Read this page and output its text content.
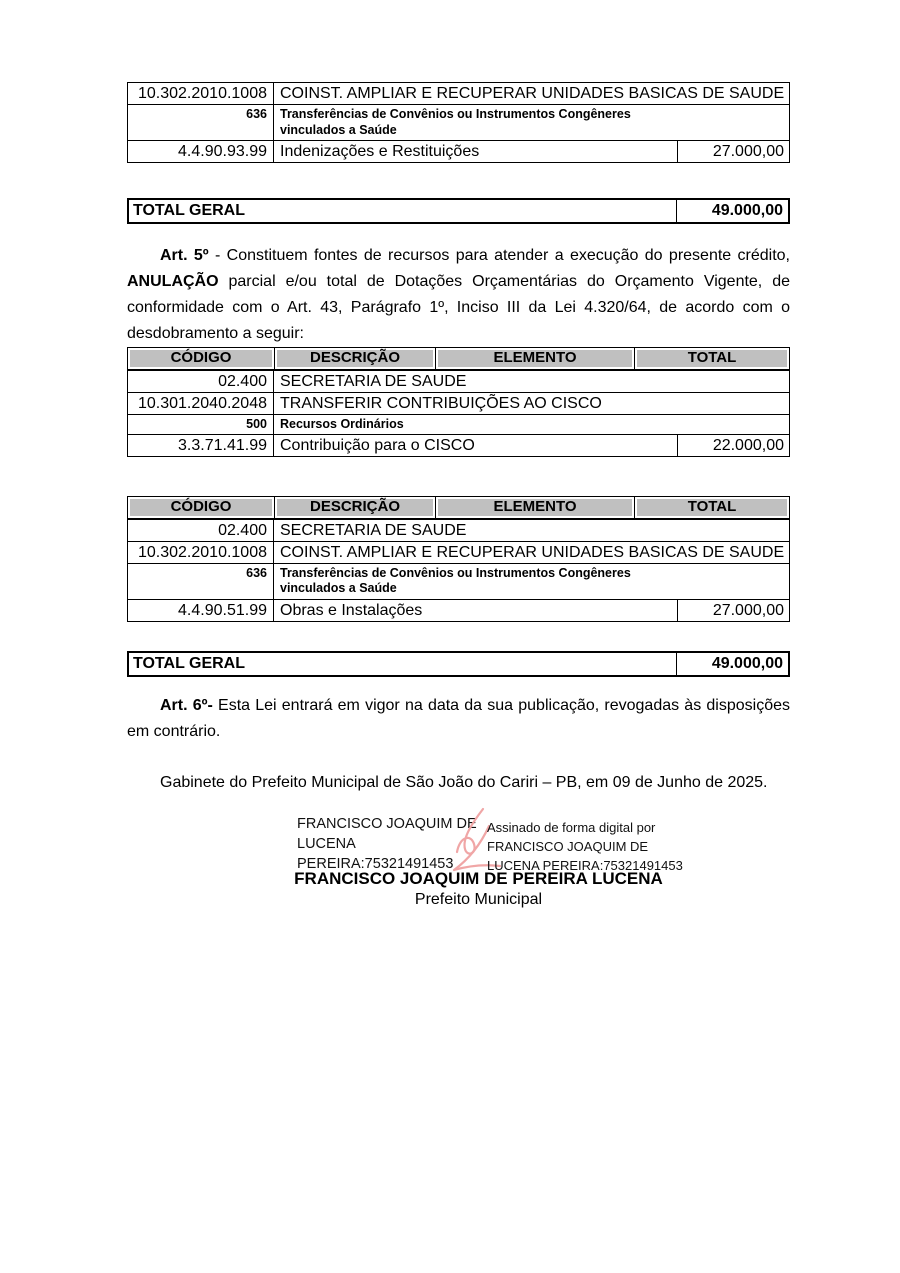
10.302.2010.1008 COINST. AMPLIAR E RECUPERAR UNIDADES BASICAS DE SAUDE
636	Transferências de Convênios ou Instrumentos Congêneres vinculados a Saúde
4.4.90.93.99 Indenizações e Restituições	27.000,00
TOTAL GERAL	49.000,00

Art. 5º - Constituem fontes de recursos para atender a execução do presente crédito, ANULAÇÃO parcial e/ou total de Dotações Orçamentárias do Orçamento Vigente, de conformidade com o Art. 43, Parágrafo 1º, Inciso III da Lei 4.320/64, de acordo com o desdobramento a seguir:

CÓDIGO	DESCRIÇÃO	ELEMENTO	TOTAL
02.400 SECRETARIA DE SAUDE
10.301.2040.2048 TRANSFERIR CONTRIBUIÇÕES AO CISCO
500	Recursos Ordinários
3.3.71.41.99 Contribuição para o CISCO	22.000,00
CÓDIGO	DESCRIÇÃO	ELEMENTO	TOTAL
02.400 SECRETARIA DE SAUDE
10.302.2010.1008 COINST. AMPLIAR E RECUPERAR UNIDADES BASICAS DE SAUDE
636	Transferências de Convênios ou Instrumentos Congêneres vinculados a Saúde
4.4.90.51.99 Obras e Instalações	27.000,00
TOTAL GERAL	49.000,00

Art. 6º- Esta Lei entrará em vigor na data da sua publicação, revogadas às disposições em contrário.

Gabinete do Prefeito Municipal de São João do Cariri – PB, em 09 de Junho de 2025.

FRANCISCO JOAQUIM DE
LUCENA
PEREIRA:75321491453
Assinado de forma digital por
FRANCISCO JOAQUIM DE
LUCENA PEREIRA:75321491453
FRANCISCO JOAQUIM DE PEREIRA LUCENA
Prefeito Municipal
